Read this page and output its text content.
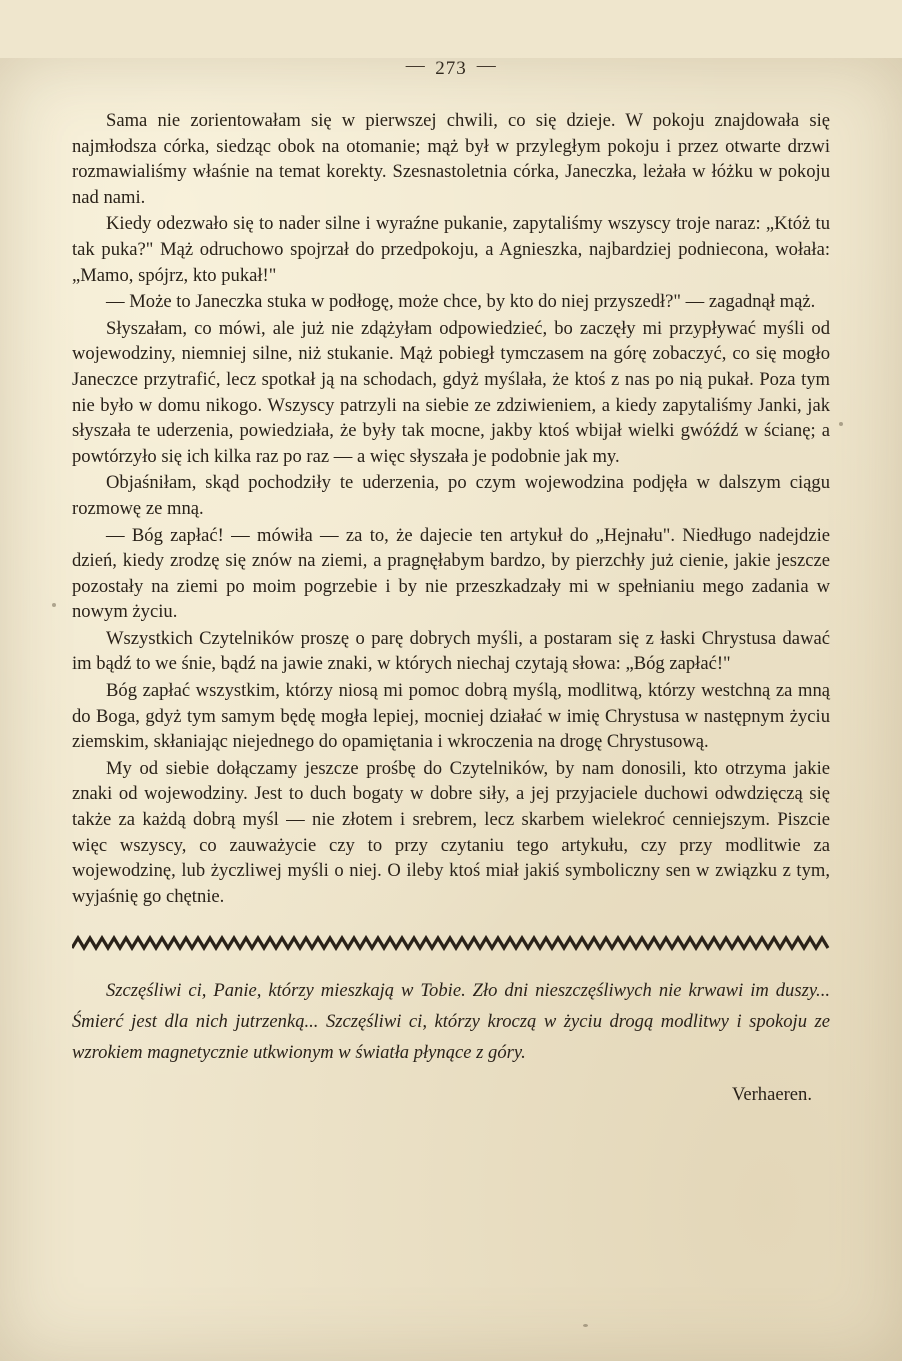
— 273 —

Sama nie zorientowałam się w pierwszej chwili, co się dzieje. W pokoju znajdowała się najmłodsza córka, siedząc obok na otomanie; mąż był w przyległym pokoju i przez otwarte drzwi rozmawialiśmy właśnie na temat korekty. Szesnastoletnia córka, Janeczka, leżała w łóżku w pokoju nad nami.

Kiedy odezwało się to nader silne i wyraźne pukanie, zapytaliśmy wszyscy troje naraz: „Któż tu tak puka?" Mąż odruchowo spojrzał do przedpokoju, a Agnieszka, najbardziej podniecona, wołała: „Mamo, spójrz, kto pukał!"

— Może to Janeczka stuka w podłogę, może chce, by kto do niej przyszedł?" — zagadnął mąż.

Słyszałam, co mówi, ale już nie zdążyłam odpowiedzieć, bo zaczęły mi przypływać myśli od wojewodziny, niemniej silne, niż stukanie. Mąż pobiegł tymczasem na górę zobaczyć, co się mogło Janeczce przytrafić, lecz spotkał ją na schodach, gdyż myślała, że ktoś z nas po nią pukał. Poza tym nie było w domu nikogo. Wszyscy patrzyli na siebie ze zdziwieniem, a kiedy zapytaliśmy Janki, jak słyszała te uderzenia, powiedziała, że były tak mocne, jakby ktoś wbijał wielki gwóźdź w ścianę; a powtórzyło się ich kilka raz po raz — a więc słyszała je podobnie jak my.

Objaśniłam, skąd pochodziły te uderzenia, po czym wojewodzina podjęła w dalszym ciągu rozmowę ze mną.

— Bóg zapłać! — mówiła — za to, że dajecie ten artykuł do „Hejnału". Niedługo nadejdzie dzień, kiedy zrodzę się znów na ziemi, a pragnęłabym bardzo, by pierzchły już cienie, jakie jeszcze pozostały na ziemi po moim pogrzebie i by nie przeszkadzały mi w spełnianiu mego zadania w nowym życiu.

Wszystkich Czytelników proszę o parę dobrych myśli, a postaram się z łaski Chrystusa dawać im bądź to we śnie, bądź na jawie znaki, w których niechaj czytają słowa: „Bóg zapłać!"

Bóg zapłać wszystkim, którzy niosą mi pomoc dobrą myślą, modlitwą, którzy westchną za mną do Boga, gdyż tym samym będę mogła lepiej, mocniej działać w imię Chrystusa w następnym życiu ziemskim, skłaniając niejednego do opamiętania i wkroczenia na drogę Chrystusową.

My od siebie dołączamy jeszcze prośbę do Czytelników, by nam donosili, kto otrzyma jakie znaki od wojewodziny. Jest to duch bogaty w dobre siły, a jej przyjaciele duchowi odwdzięczą się także za każdą dobrą myśl — nie złotem i srebrem, lecz skarbem wielekroć cenniejszym. Piszcie więc wszyscy, co zauważycie czy to przy czytaniu tego artykułu, czy przy modlitwie za wojewodzinę, lub życzliwej myśli o niej. O ileby ktoś miał jakiś symboliczny sen w związku z tym, wyjaśnię go chętnie.

Szczęśliwi ci, Panie, którzy mieszkają w Tobie. Zło dni nieszczęśliwych nie krwawi im duszy... Śmierć jest dla nich jutrzenką... Szczęśliwi ci, którzy kroczą w życiu drogą modlitwy i spokoju ze wzrokiem magnetycznie utkwionym w światła płynące z góry.
Verhaeren.
